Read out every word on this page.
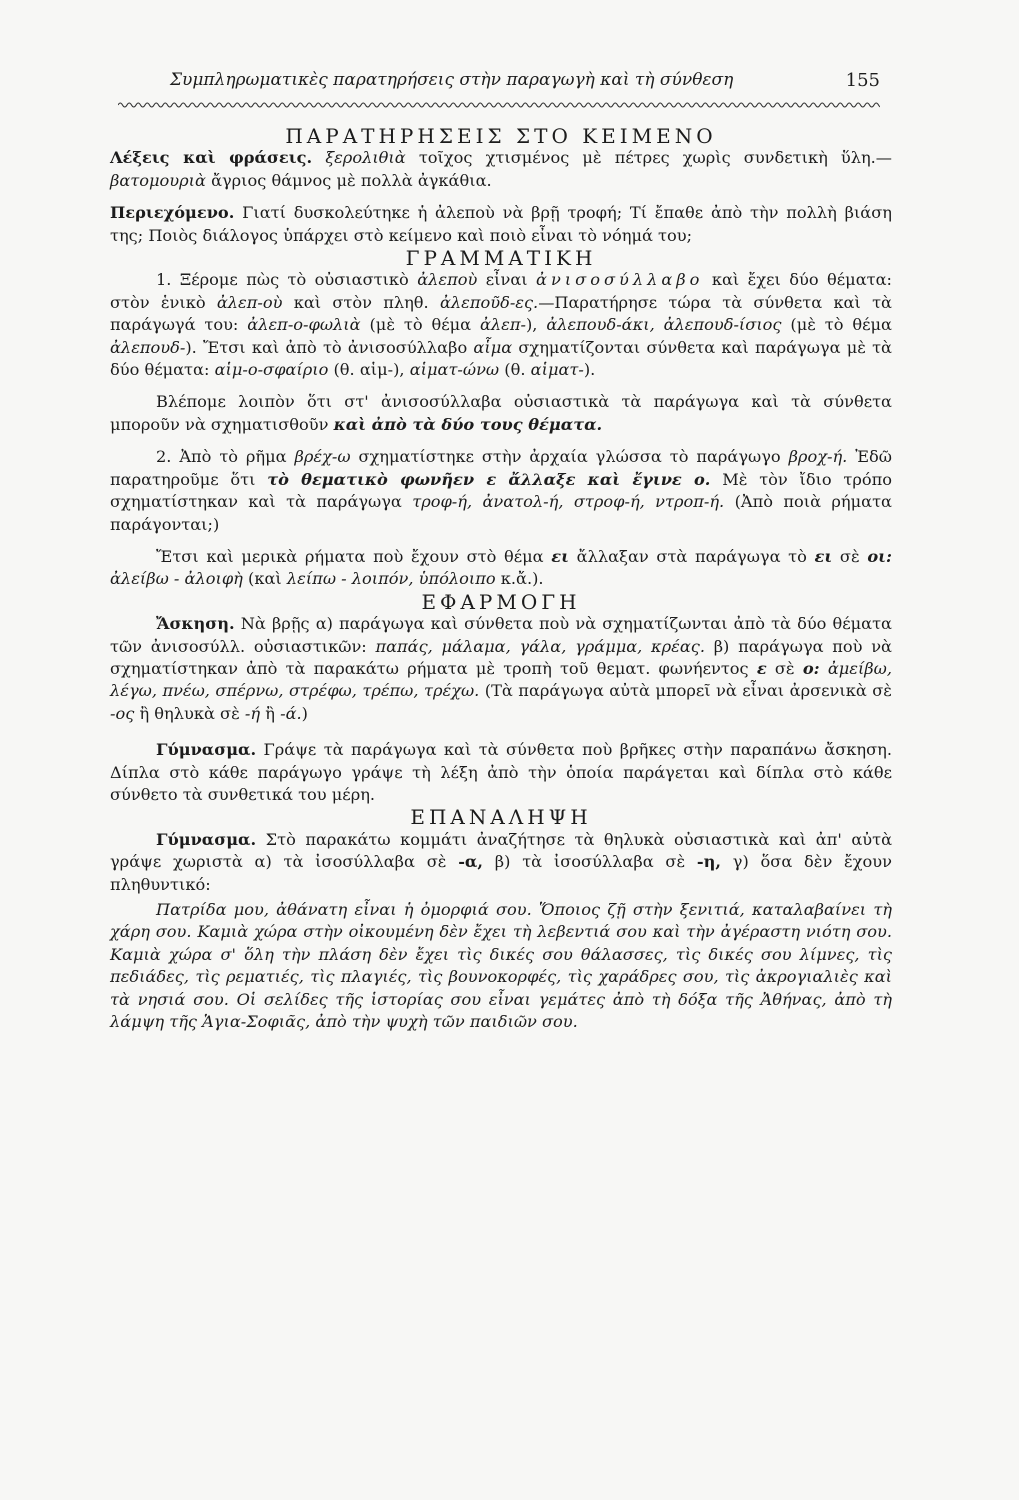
Συμπληρωματικὲς παρατηρήσεις στὴν παραγωγὴ καὶ τὴ σύνθεση	155
ΠΑΡΑΤΗΡΗΣΕΙΣ ΣΤΟ ΚΕΙΜΕΝΟ

Λέξεις καὶ φράσεις. ξερολιθιὰ τοῖχος χτισμένος μὲ πέτρες χωρὶς συνδετικὴ ὕλη.—βατομουριὰ ἄγριος θάμνος μὲ πολλὰ ἀγκάθια.

Περιεχόμενο. Γιατί δυσκολεύτηκε ἡ ἀλεποὺ νὰ βρῇ τροφή; Τί ἔπαθε ἀπὸ τὴν πολλὴ βιάση της; Ποιὸς διάλογος ὑπάρχει στὸ κείμενο καὶ ποιὸ εἶναι τὸ νόημά του;

ΓΡΑΜΜΑΤΙΚΗ

1. Ξέρομε πὼς τὸ οὐσιαστικὸ ἀλεποὺ εἶναι ἀνισοσύλλαβο καὶ ἔχει δύο θέματα: στὸν ἑνικὸ ἀλεπ-οὺ καὶ στὸν πληθ. ἀλεποῦδ-ες.—Παρατήρησε τώρα τὰ σύνθετα καὶ τὰ παράγωγά του: ἀλεπ-ο-φωλιὰ (μὲ τὸ θέμα ἀλεπ-), ἀλεπουδ-άκι, ἀλεπουδ-ίσιος (μὲ τὸ θέμα ἀλεπουδ-). Ἔτσι καὶ ἀπὸ τὸ ἀνισοσύλλαβο αἷμα σχηματίζονται σύνθετα καὶ παράγωγα μὲ τὰ δύο θέματα: αἱμ-ο-σφαίριο (θ. αἱμ-), αἱματ-ώνω (θ. αἱματ-).

Βλέπομε λοιπὸν ὅτι στ' ἀνισοσύλλαβα οὐσιαστικὰ τὰ παράγωγα καὶ τὰ σύνθετα μποροῦν νὰ σχηματισθοῦν καὶ ἀπὸ τὰ δύο τους θέματα.

2. Ἀπὸ τὸ ρῆμα βρέχ-ω σχηματίστηκε στὴν ἀρχαία γλώσσα τὸ παράγωγο βροχ-ή. Ἐδῶ παρατηροῦμε ὅτι τὸ θεματικὸ φωνῆεν ε ἄλλαξε καὶ ἔγινε ο. Μὲ τὸν ἴδιο τρόπο σχηματίστηκαν καὶ τὰ παράγωγα τροφ-ή, ἀνατολ-ή, στροφ-ή, ντροπ-ή. (Ἀπὸ ποιὰ ρήματα παράγονται;)

Ἔτσι καὶ μερικὰ ρήματα ποὺ ἔχουν στὸ θέμα ει ἄλλαξαν στὰ παράγωγα τὸ ει σὲ οι: ἀλείβω - ἀλοιφὴ (καὶ λείπω - λοιπόν, ὑπόλοιπο κ.ἄ.).

ΕΦΑΡΜΟΓΗ

Ἄσκηση. Νὰ βρῇς α) παράγωγα καὶ σύνθετα ποὺ νὰ σχηματίζωνται ἀπὸ τὰ δύο θέματα τῶν ἀνισοσύλλ. οὐσιαστικῶν: παπάς, μάλαμα, γάλα, γράμμα, κρέας. β) παράγωγα ποὺ νὰ σχηματίστηκαν ἀπὸ τὰ παρακάτω ρήματα μὲ τροπὴ τοῦ θεματ. φωνήεντος ε σὲ ο: ἀμείβω, λέγω, πνέω, σπέρνω, στρέφω, τρέπω, τρέχω. (Τὰ παράγωγα αὐτὰ μπορεῖ νὰ εἶναι ἀρσενικὰ σὲ -ος ἢ θηλυκὰ σὲ -ή ἢ -ά.)

Γύμνασμα. Γράψε τὰ παράγωγα καὶ τὰ σύνθετα ποὺ βρῆκες στὴν παραπάνω ἄσκηση. Δίπλα στὸ κάθε παράγωγο γράψε τὴ λέξη ἀπὸ τὴν ὁποία παράγεται καὶ δίπλα στὸ κάθε σύνθετο τὰ συνθετικά του μέρη.

ΕΠΑΝΑΛΗΨΗ

Γύμνασμα. Στὸ παρακάτω κομμάτι ἀναζήτησε τὰ θηλυκὰ οὐσιαστικὰ καὶ ἀπ' αὐτὰ γράψε χωριστὰ α) τὰ ἰσοσύλλαβα σὲ -α, β) τὰ ἰσοσύλλαβα σὲ -η, γ) ὅσα δὲν ἔχουν πληθυντικό:

Πατρίδα μου, ἀθάνατη εἶναι ἡ ὀμορφιά σου. Ὅποιος ζῇ στὴν ξενιτιά, καταλαβαίνει τὴ χάρη σου. Καμιὰ χώρα στὴν οἰκουμένη δὲν ἔχει τὴ λεβεντιά σου καὶ τὴν ἀγέραστη νιότη σου. Καμιὰ χώρα σ' ὅλη τὴν πλάση δὲν ἔχει τὶς δικές σου θάλασσες, τὶς δικές σου λίμνες, τὶς πεδιάδες, τὶς ρεματιές, τὶς πλαγιές, τὶς βουνοκορφές, τὶς χαράδρες σου, τὶς ἀκρογιαλιὲς καὶ τὰ νησιά σου. Οἱ σελίδες τῆς ἱστορίας σου εἶναι γεμάτες ἀπὸ τὴ δόξα τῆς Ἀθήνας, ἀπὸ τὴ λάμψη τῆς Ἁγια-Σοφιᾶς, ἀπὸ τὴν ψυχὴ τῶν παιδιῶν σου.
